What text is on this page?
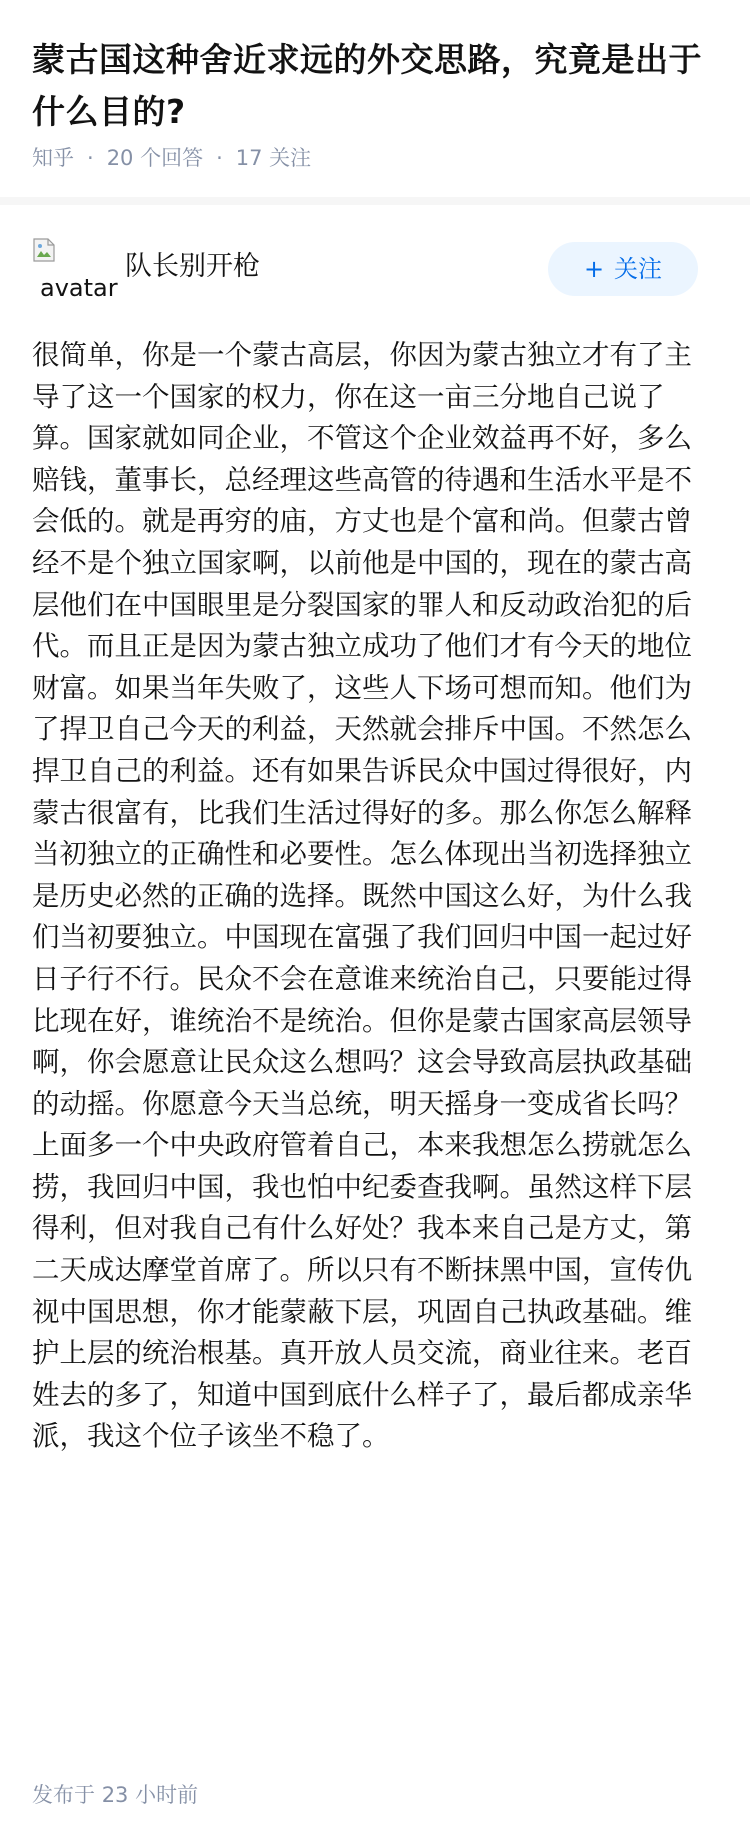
蒙古国这种舍近求远的外交思路，究竟是出于什么目的?
知乎 · 20 个回答 · 17 关注
avatar
队长别开枪	+ 关注
很简单，你是一个蒙古高层，你因为蒙古独立才有了主导了这一个国家的权力，你在这一亩三分地自己说了算。国家就如同企业，不管这个企业效益再不好，多么赔钱，董事长，总经理这些高管的待遇和生活水平是不会低的。就是再穷的庙，方丈也是个富和尚。但蒙古曾经不是个独立国家啊，以前他是中国的，现在的蒙古高层他们在中国眼里是分裂国家的罪人和反动政治犯的后代。而且正是因为蒙古独立成功了他们才有今天的地位财富。如果当年失败了，这些人下场可想而知。他们为了捍卫自己今天的利益，天然就会排斥中国。不然怎么捍卫自己的利益。还有如果告诉民众中国过得很好，内蒙古很富有，比我们生活过得好的多。那么你怎么解释当初独立的正确性和必要性。怎么体现出当初选择独立是历史必然的正确的选择。既然中国这么好，为什么我们当初要独立。中国现在富强了我们回归中国一起过好日子行不行。民众不会在意谁来统治自己，只要能过得比现在好，谁统治不是统治。但你是蒙古国家高层领导啊，你会愿意让民众这么想吗？这会导致高层执政基础的动摇。你愿意今天当总统，明天摇身一变成省长吗？上面多一个中央政府管着自己，本来我想怎么捞就怎么捞，我回归中国，我也怕中纪委查我啊。虽然这样下层得利，但对我自己有什么好处？我本来自己是方丈，第二天成达摩堂首席了。所以只有不断抹黑中国，宣传仇视中国思想，你才能蒙蔽下层，巩固自己执政基础。维护上层的统治根基。真开放人员交流，商业往来。老百姓去的多了，知道中国到底什么样子了，最后都成亲华派，我这个位子该坐不稳了。
发布于 23 小时前
